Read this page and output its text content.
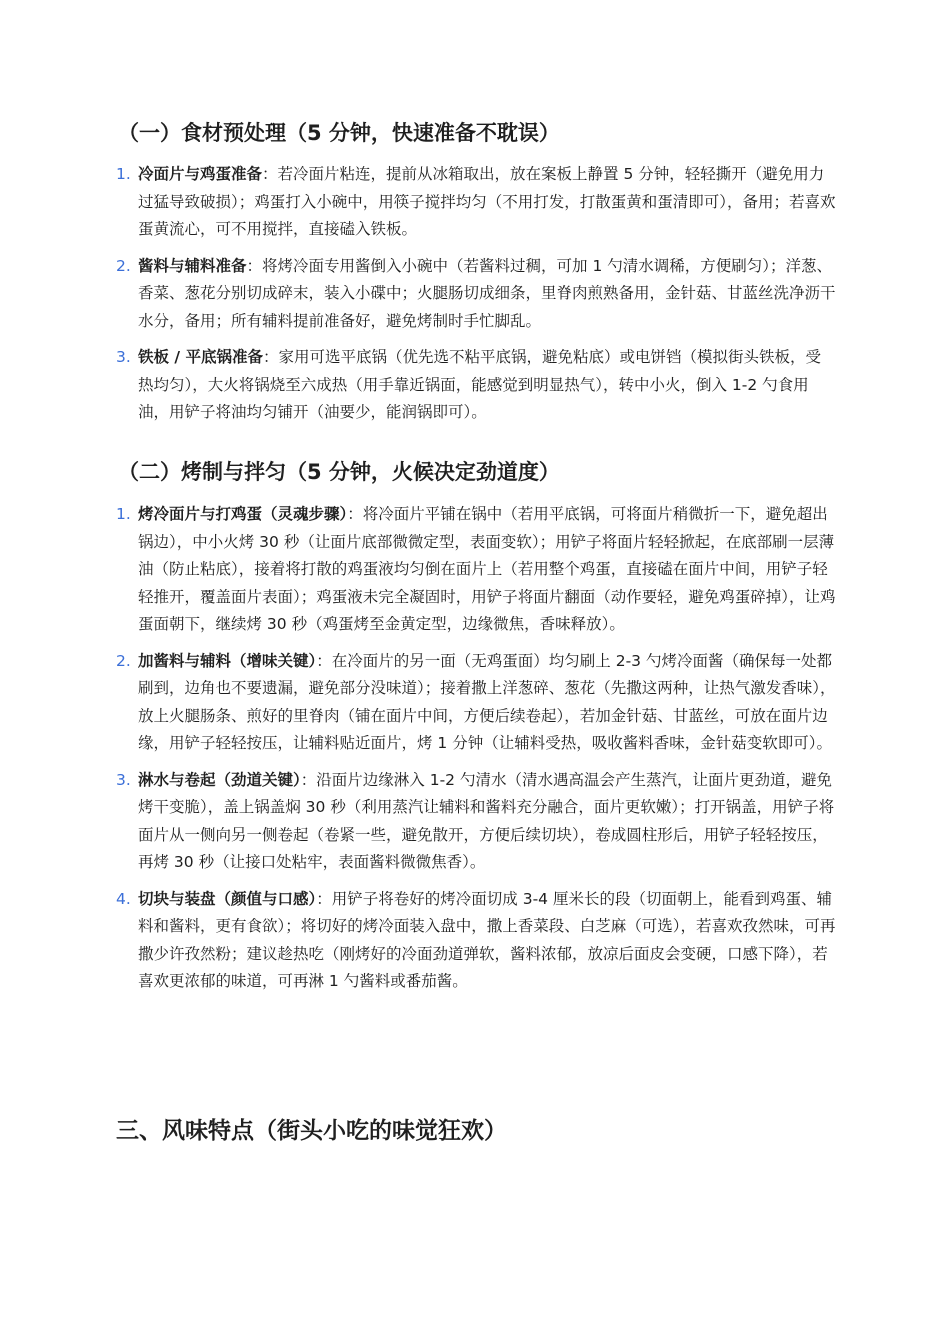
（一）食材预处理（5 分钟，快速准备不耽误）
1. 冷面片与鸡蛋准备：若冷面片粘连，提前从冰箱取出，放在案板上静置 5 分钟，轻轻撕开（避免用力过猛导致破损）；鸡蛋打入小碗中，用筷子搅拌均匀（不用打发，打散蛋黄和蛋清即可），备用；若喜欢蛋黄流心，可不用搅拌，直接磕入铁板。
2. 酱料与辅料准备：将烤冷面专用酱倒入小碗中（若酱料过稠，可加 1 勺清水调稀，方便刷匀）；洋葱、香菜、葱花分别切成碎末，装入小碟中；火腿肠切成细条，里脊肉煎熟备用，金针菇、甘蓝丝洗净沥干水分，备用；所有辅料提前准备好，避免烤制时手忙脚乱。
3. 铁板 / 平底锅准备：家用可选平底锅（优先选不粘平底锅，避免粘底）或电饼铛（模拟街头铁板，受热均匀），大火将锅烧至六成热（用手靠近锅面，能感觉到明显热气），转中小火，倒入 1-2 勺食用油，用铲子将油均匀铺开（油要少，能润锅即可）。
（二）烤制与拌匀（5 分钟，火候决定劲道度）
1. 烤冷面片与打鸡蛋（灵魂步骤）：将冷面片平铺在锅中（若用平底锅，可将面片稍微折一下，避免超出锅边），中小火烤 30 秒（让面片底部微微定型，表面变软）；用铲子将面片轻轻掀起，在底部刷一层薄油（防止粘底），接着将打散的鸡蛋液均匀倒在面片上（若用整个鸡蛋，直接磕在面片中间，用铲子轻轻推开，覆盖面片表面）；鸡蛋液未完全凝固时，用铲子将面片翻面（动作要轻，避免鸡蛋碎掉），让鸡蛋面朝下，继续烤 30 秒（鸡蛋烤至金黄定型，边缘微焦，香味释放）。
2. 加酱料与辅料（增味关键）：在冷面片的另一面（无鸡蛋面）均匀刷上 2-3 勺烤冷面酱（确保每一处都刷到，边角也不要遗漏，避免部分没味道）；接着撒上洋葱碎、葱花（先撒这两种，让热气激发香味），放上火腿肠条、煎好的里脊肉（铺在面片中间，方便后续卷起），若加金针菇、甘蓝丝，可放在面片边缘，用铲子轻轻按压，让辅料贴近面片，烤 1 分钟（让辅料受热，吸收酱料香味，金针菇变软即可）。
3. 淋水与卷起（劲道关键）：沿面片边缘淋入 1-2 勺清水（清水遇高温会产生蒸汽，让面片更劲道，避免烤干变脆），盖上锅盖焖 30 秒（利用蒸汽让辅料和酱料充分融合，面片更软嫩）；打开锅盖，用铲子将面片从一侧向另一侧卷起（卷紧一些，避免散开，方便后续切块），卷成圆柱形后，用铲子轻轻按压，再烤 30 秒（让接口处粘牢，表面酱料微微焦香）。
4. 切块与装盘（颜值与口感）：用铲子将卷好的烤冷面切成 3-4 厘米长的段（切面朝上，能看到鸡蛋、辅料和酱料，更有食欲）；将切好的烤冷面装入盘中，撒上香菜段、白芝麻（可选），若喜欢孜然味，可再撒少许孜然粉；建议趁热吃（刚烤好的冷面劲道弹软，酱料浓郁，放凉后面皮会变硬，口感下降），若喜欢更浓郁的味道，可再淋 1 勺酱料或番茄酱。
三、风味特点（街头小吃的味觉狂欢）
